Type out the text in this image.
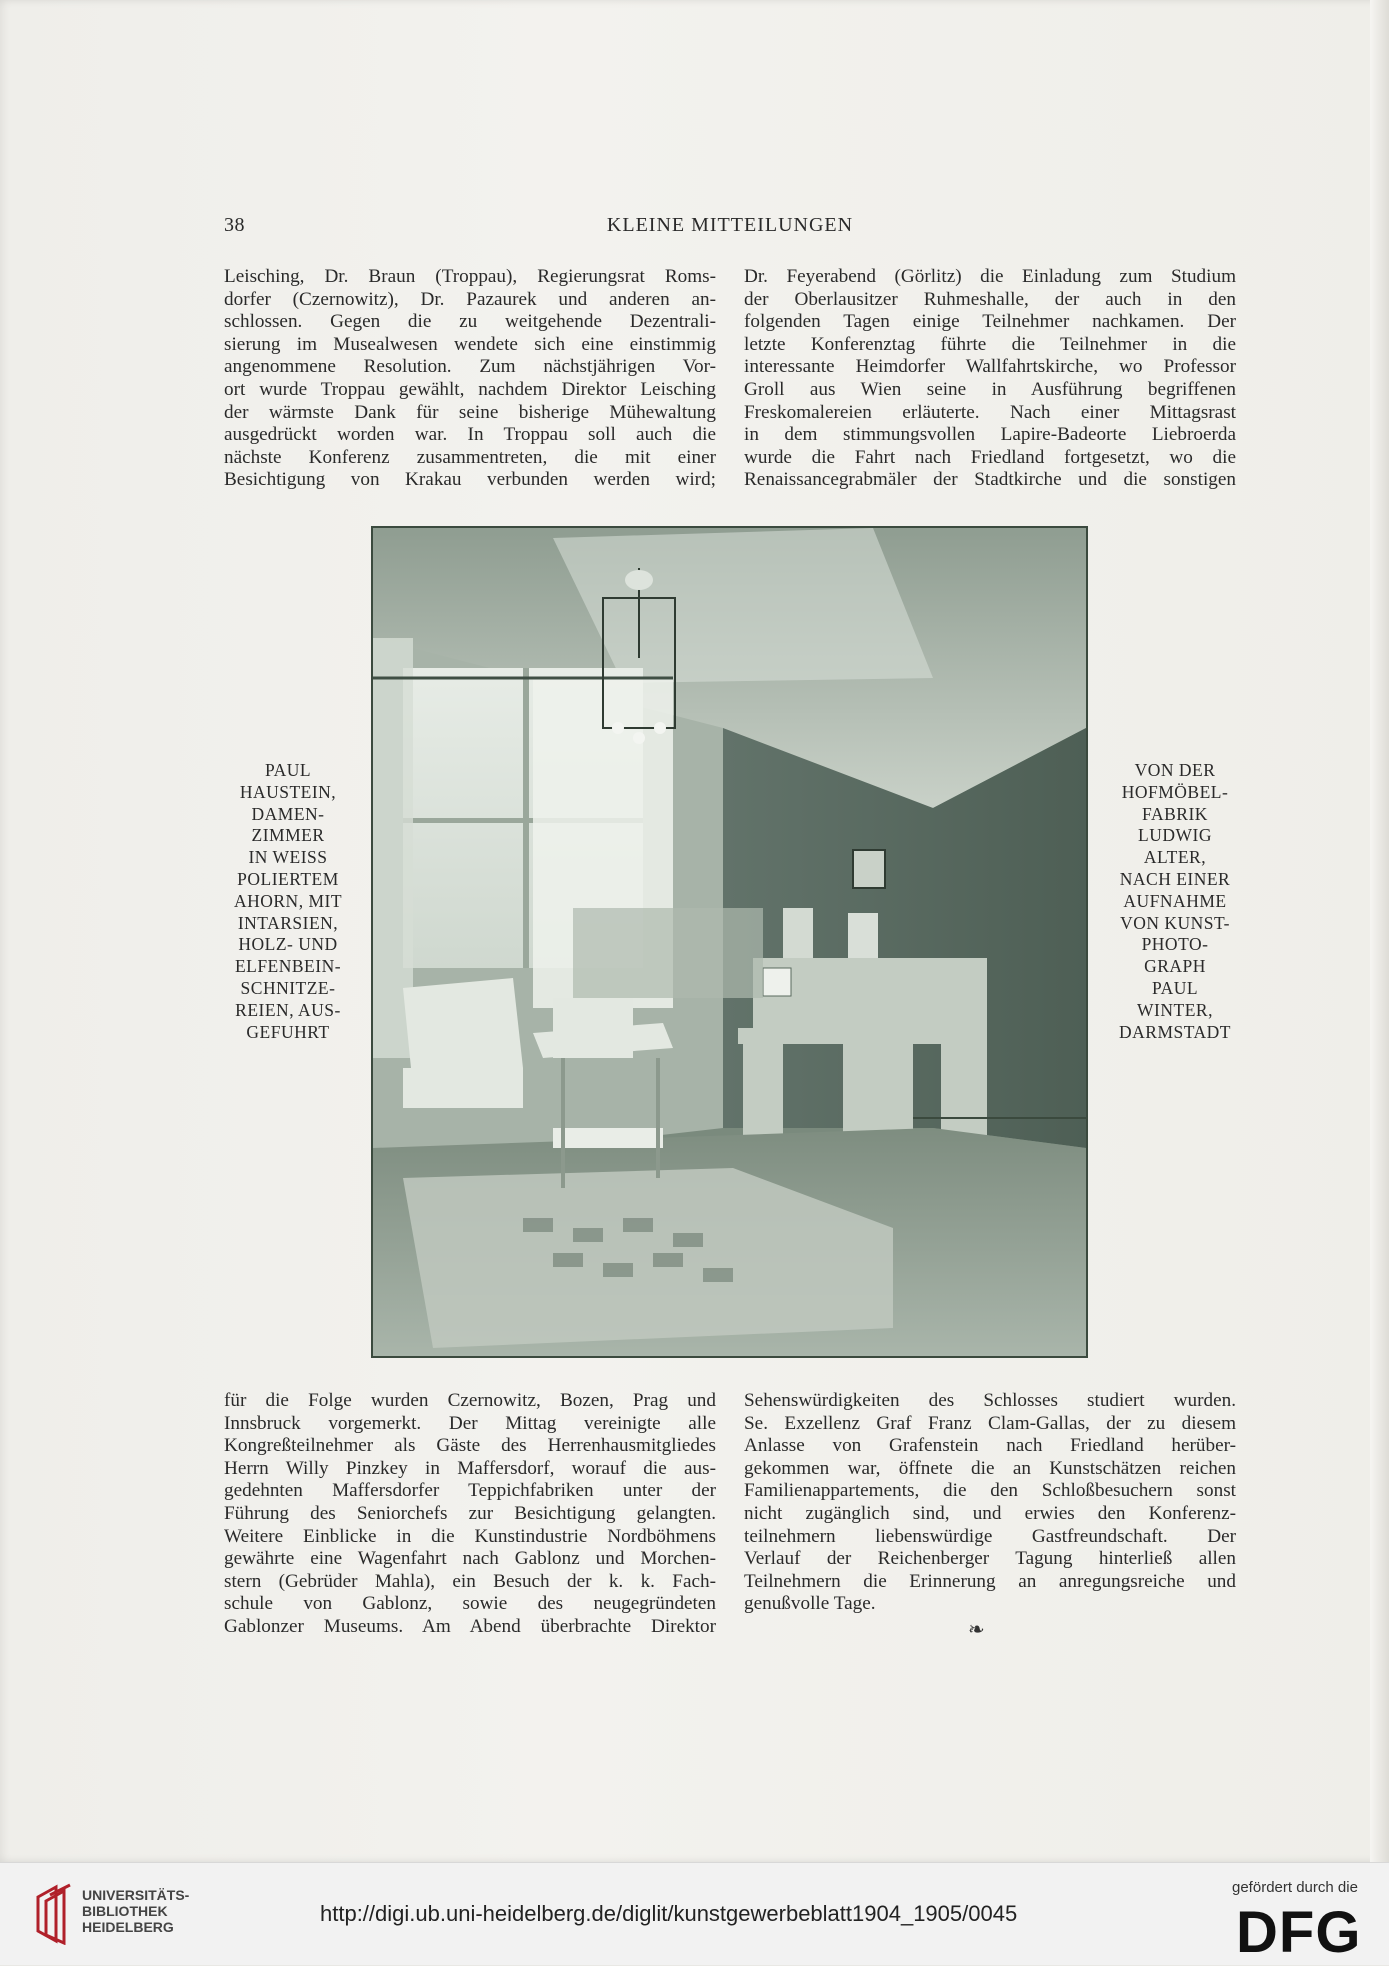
38	KLEINE MITTEILUNGEN
Leisching, Dr. Braun (Troppau), Regierungsrat Roms-
dorfer (Czernowitz), Dr. Pazaurek und anderen an-
schlossen. Gegen die zu weitgehende Dezentrali-
sierung im Musealwesen wendete sich eine einstimmig
angenommene Resolution. Zum nächstjährigen Vor-
ort wurde Troppau gewählt, nachdem Direktor Leisching
der wärmste Dank für seine bisherige Mühewaltung
ausgedrückt worden war. In Troppau soll auch die
nächste Konferenz zusammentreten, die mit einer
Besichtigung von Krakau verbunden werden wird;
Dr. Feyerabend (Görlitz) die Einladung zum Studium
der Oberlausitzer Ruhmeshalle, der auch in den
folgenden Tagen einige Teilnehmer nachkamen. Der
letzte Konferenztag führte die Teilnehmer in die
interessante Heimdorfer Wallfahrtskirche, wo Professor
Groll aus Wien seine in Ausführung begriffenen
Freskomalereien erläuterte. Nach einer Mittagsrast
in dem stimmungsvollen Lapire-Badeorte Liebroerda
wurde die Fahrt nach Friedland fortgesetzt, wo die
Renaissancegrabmäler der Stadtkirche und die sonstigen
PAUL
HAUSTEIN,
DAMEN-
ZIMMER
IN WEISS
POLIERTEM
AHORN, MIT
INTARSIEN,
HOLZ- UND
ELFENBEIN-
SCHNITZE-
REIEN, AUS-
GEFUHRT
VON DER
HOFMÖBEL-
FABRIK
LUDWIG
ALTER,
NACH EINER
AUFNAHME
VON KUNST-
PHOTO-
GRAPH
PAUL
WINTER,
DARMSTADT
für die Folge wurden Czernowitz, Bozen, Prag und
Innsbruck vorgemerkt. Der Mittag vereinigte alle
Kongreßteilnehmer als Gäste des Herrenhausmitgliedes
Herrn Willy Pinzkey in Maffersdorf, worauf die aus-
gedehnten Maffersdorfer Teppichfabriken unter der
Führung des Seniorchefs zur Besichtigung gelangten.
Weitere Einblicke in die Kunstindustrie Nordböhmens
gewährte eine Wagenfahrt nach Gablonz und Morchen-
stern (Gebrüder Mahla), ein Besuch der k. k. Fach-
schule von Gablonz, sowie des neugegründeten
Gablonzer Museums. Am Abend überbrachte Direktor
Sehenswürdigkeiten des Schlosses studiert wurden.
Se. Exzellenz Graf Franz Clam-Gallas, der zu diesem
Anlasse von Grafenstein nach Friedland herüber-
gekommen war, öffnete die an Kunstschätzen reichen
Familienappartements, die den Schloßbesuchern sonst
nicht zugänglich sind, und erwies den Konferenz-
teilnehmern liebenswürdige Gastfreundschaft. Der
Verlauf der Reichenberger Tagung hinterließ allen
Teilnehmern die Erinnerung an anregungsreiche und
genußvolle Tage.
❧
UNIVERSITÄTS-
BIBLIOTHEK
HEIDELBERG
http://digi.ub.uni-heidelberg.de/diglit/kunstgewerbeblatt1904_1905/0045
gefördert durch die
DFG
